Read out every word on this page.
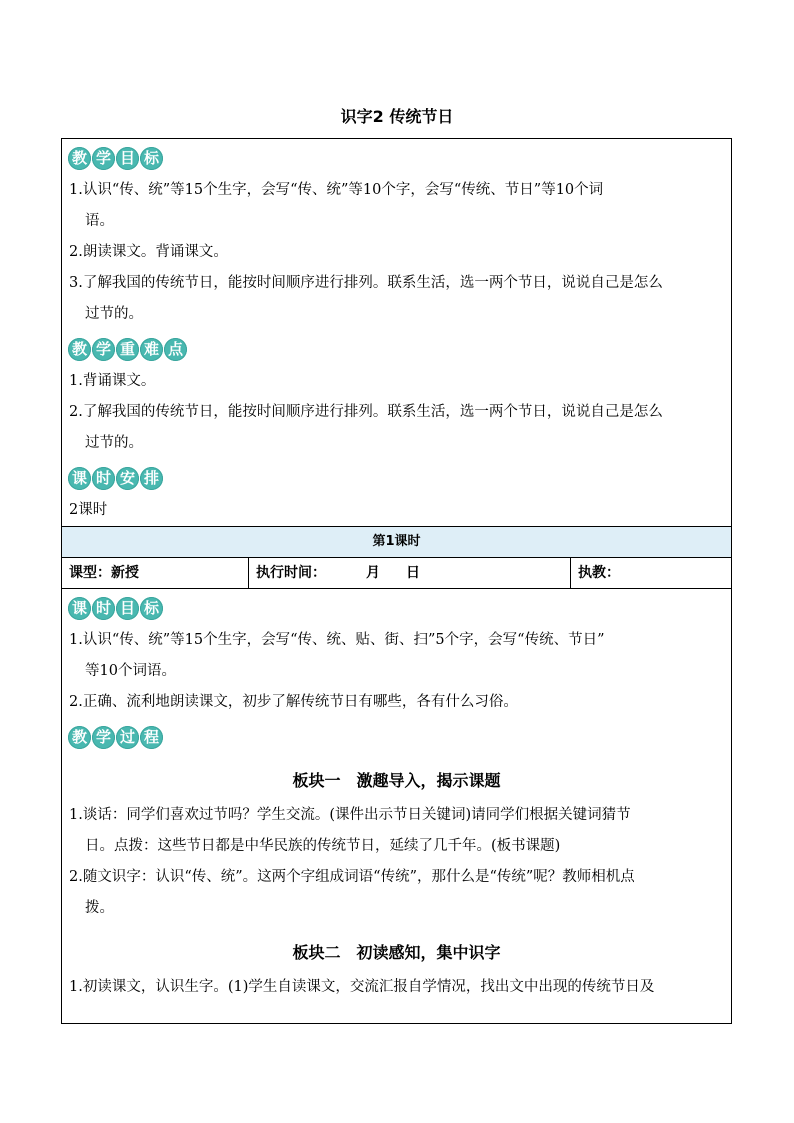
识字2 传统节日
教 学 目 标
1.认识“传、统”等15个生字，会写“传、统”等10个字，会写“传统、节日”等10个词
语。
2.朗读课文。背诵课文。
3.了解我国的传统节日，能按时间顺序进行排列。联系生活，选一两个节日，说说自己是怎么
过节的。
教 学 重 难 点
1.背诵课文。
2.了解我国的传统节日，能按时间顺序进行排列。联系生活，选一两个节日，说说自己是怎么
过节的。
课 时 安 排
2课时
第1课时
课型：新授	执行时间：	月 日	执教：
课 时 目 标
1.认识“传、统”等15个生字，会写“传、统、贴、街、扫”5个字，会写“传统、节日”
等10个词语。
2.正确、流利地朗读课文，初步了解传统节日有哪些，各有什么习俗。
教 学 过 程
板块一　激趣导入，揭示课题
1.谈话：同学们喜欢过节吗？学生交流。(课件出示节日关键词)请同学们根据关键词猜节
日。点拨：这些节日都是中华民族的传统节日，延续了几千年。(板书课题)
2.随文识字：认识“传、统”。这两个字组成词语“传统”，那什么是“传统”呢？教师相机点
拨。
板块二　初读感知，集中识字
1.初读课文，认识生字。(1)学生自读课文，交流汇报自学情况，找出文中出现的传统节日及
